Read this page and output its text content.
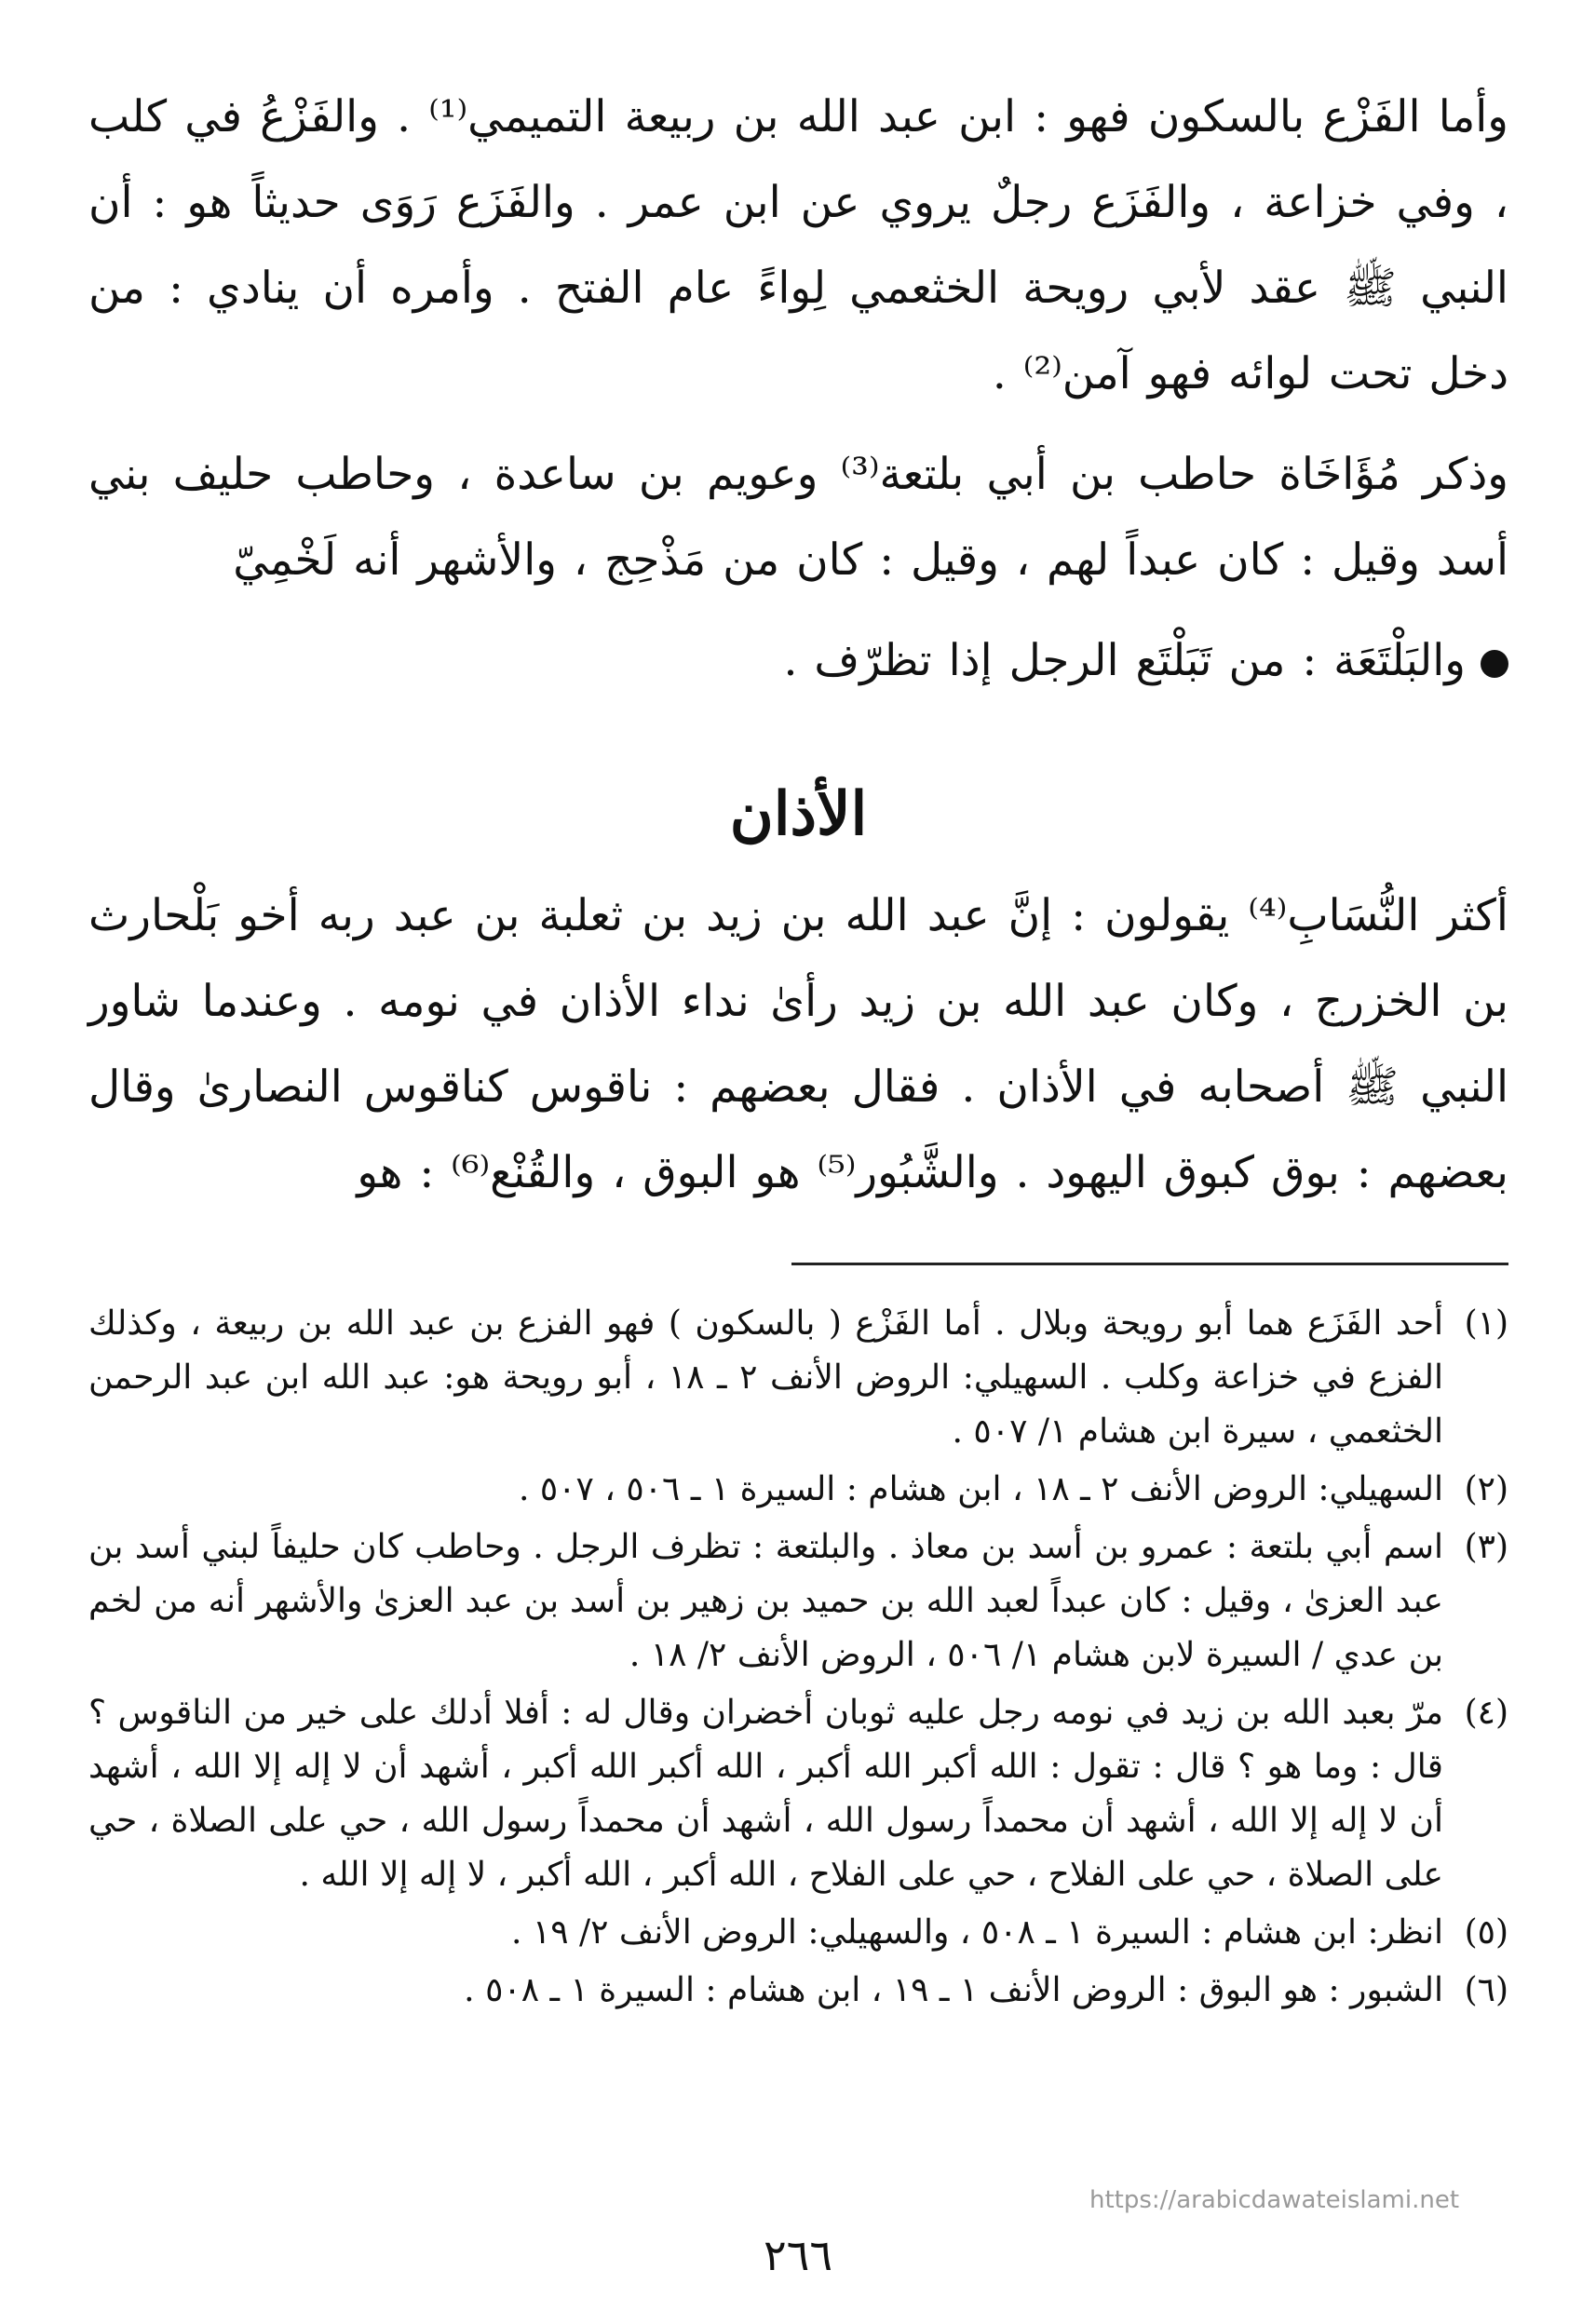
وأما الفَزْع بالسكون فهو : ابن عبد الله بن ربيعة التميمي⁽¹⁾ . والفَزْعُ في كلب ، وفي خزاعة ، والفَزَع رجلٌ يروي عن ابن عمر . والفَزَع رَوَى حديثاً هو : أن النبي ﷺ عقد لأبي رويحة الخثعمي لِواءً عام الفتح . وأمره أن ينادي : من دخل تحت لوائه فهو آمن⁽²⁾ .

وذكر مُؤَاخَاة حاطب بن أبي بلتعة⁽³⁾ وعويم بن ساعدة ، وحاطب حليف بني أسد وقيل : كان عبداً لهم ، وقيل : كان من مَذْحِج ، والأشهر أنه لَخْمِيّ

والبَلْتَعَة : من تَبَلْتَع الرجل إذا تظرّف .

الأذان

أكثر النُّسَابِ⁽⁴⁾ يقولون : إنَّ عبد الله بن زيد بن ثعلبة بن عبد ربه أخو بَلْحارث بن الخزرج ، وكان عبد الله بن زيد رأىٰ نداء الأذان في نومه . وعندما شاور النبي ﷺ أصحابه في الأذان . فقال بعضهم : ناقوس كناقوس النصارىٰ وقال بعضهم : بوق كبوق اليهود . والشَّبُور⁽⁵⁾ هو البوق ، والقُنْع⁽⁶⁾ : هو

(١)
أحد الفَزَع هما أبو رويحة وبلال . أما الفَزْع ( بالسكون ) فهو الفزع بن عبد الله بن ربيعة ، وكذلك الفزع في خزاعة وكلب . السهيلي: الروض الأنف ٢ ـ ١٨ ، أبو رويحة هو: عبد الله ابن عبد الرحمن الخثعمي ، سيرة ابن هشام ١/ ٥٠٧ .
(٢)
السهيلي: الروض الأنف ٢ ـ ١٨ ، ابن هشام : السيرة ١ ـ ٥٠٦ ، ٥٠٧ .
(٣)
اسم أبي بلتعة : عمرو بن أسد بن معاذ . والبلتعة : تظرف الرجل . وحاطب كان حليفاً لبني أسد بن عبد العزىٰ ، وقيل : كان عبداً لعبد الله بن حميد بن زهير بن أسد بن عبد العزىٰ والأشهر أنه من لخم بن عدي / السيرة لابن هشام ١/ ٥٠٦ ، الروض الأنف ٢/ ١٨ .
(٤)
مرّ بعبد الله بن زيد في نومه رجل عليه ثوبان أخضران وقال له : أفلا أدلك على خير من الناقوس ؟ قال : وما هو ؟ قال : تقول : الله أكبر الله أكبر ، الله أكبر الله أكبر ، أشهد أن لا إله إلا الله ، أشهد أن لا إله إلا الله ، أشهد أن محمداً رسول الله ، أشهد أن محمداً رسول الله ، حي على الصلاة ، حي على الصلاة ، حي على الفلاح ، حي على الفلاح ، الله أكبر ، الله أكبر ، لا إله إلا الله .
(٥)
انظر: ابن هشام : السيرة ١ ـ ٥٠٨ ، والسهيلي: الروض الأنف ٢/ ١٩ .
(٦)
الشبور : هو البوق : الروض الأنف ١ ـ ١٩ ، ابن هشام : السيرة ١ ـ ٥٠٨ .
https://arabicdawateislami.net
٢٦٦
